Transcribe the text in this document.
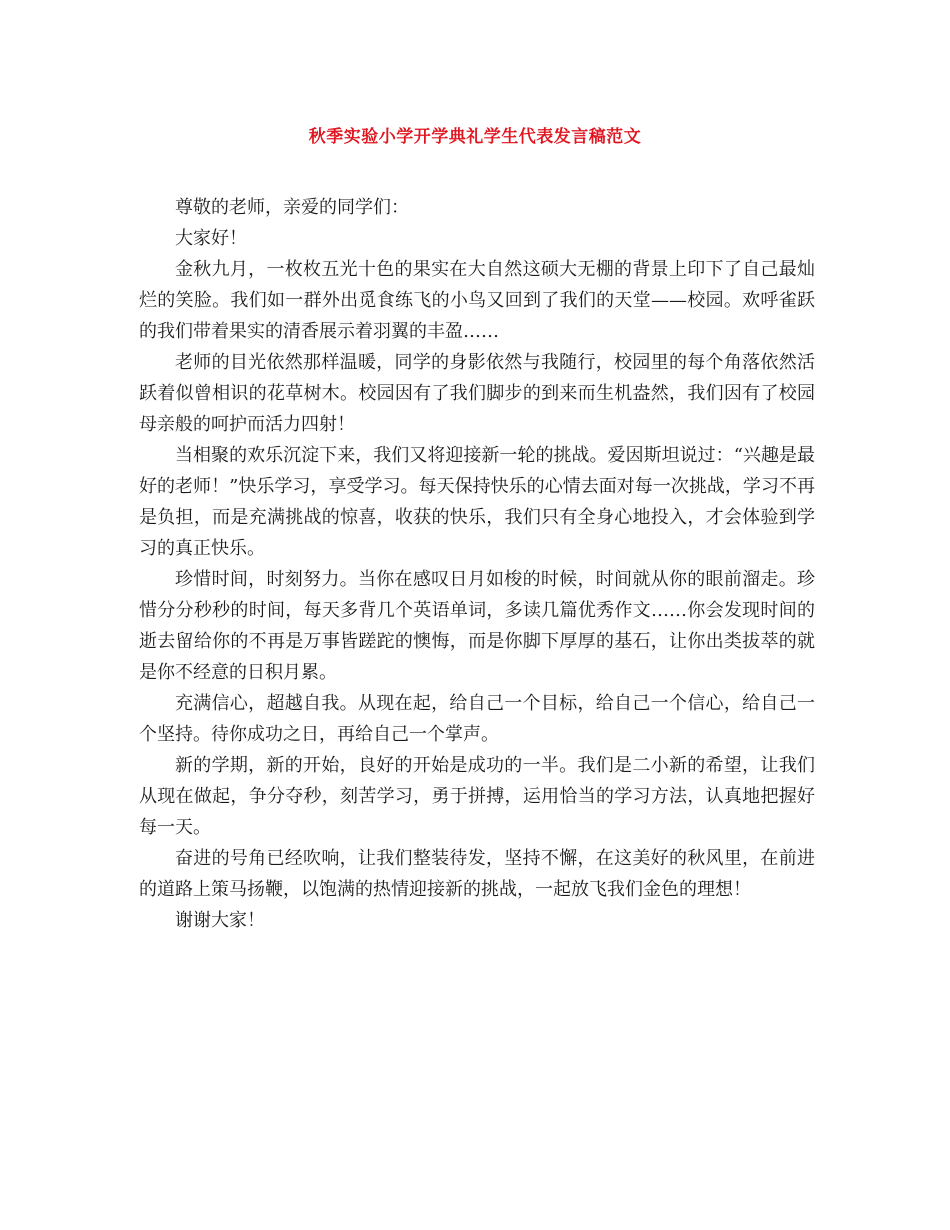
秋季实验小学开学典礼学生代表发言稿范文

尊敬的老师，亲爱的同学们：

大家好！

金秋九月，一枚枚五光十色的果实在大自然这硕大无棚的背景上印下了自己最灿烂的笑脸。我们如一群外出觅食练飞的小鸟又回到了我们的天堂——校园。欢呼雀跃的我们带着果实的清香展示着羽翼的丰盈……

老师的目光依然那样温暖，同学的身影依然与我随行，校园里的每个角落依然活跃着似曾相识的花草树木。校园因有了我们脚步的到来而生机盎然，我们因有了校园母亲般的呵护而活力四射！

当相聚的欢乐沉淀下来，我们又将迎接新一轮的挑战。爱因斯坦说过：“兴趣是最好的老师！”快乐学习，享受学习。每天保持快乐的心情去面对每一次挑战，学习不再是负担，而是充满挑战的惊喜，收获的快乐，我们只有全身心地投入，才会体验到学习的真正快乐。

珍惜时间，时刻努力。当你在感叹日月如梭的时候，时间就从你的眼前溜走。珍惜分分秒秒的时间，每天多背几个英语单词，多读几篇优秀作文……你会发现时间的逝去留给你的不再是万事皆蹉跎的懊悔，而是你脚下厚厚的基石，让你出类拔萃的就是你不经意的日积月累。

充满信心，超越自我。从现在起，给自己一个目标，给自己一个信心，给自己一个坚持。待你成功之日，再给自己一个掌声。

新的学期，新的开始，良好的开始是成功的一半。我们是二小新的希望，让我们从现在做起，争分夺秒，刻苦学习，勇于拼搏，运用恰当的学习方法，认真地把握好每一天。

奋进的号角已经吹响，让我们整装待发，坚持不懈，在这美好的秋风里，在前进的道路上策马扬鞭，以饱满的热情迎接新的挑战，一起放飞我们金色的理想！

谢谢大家！
